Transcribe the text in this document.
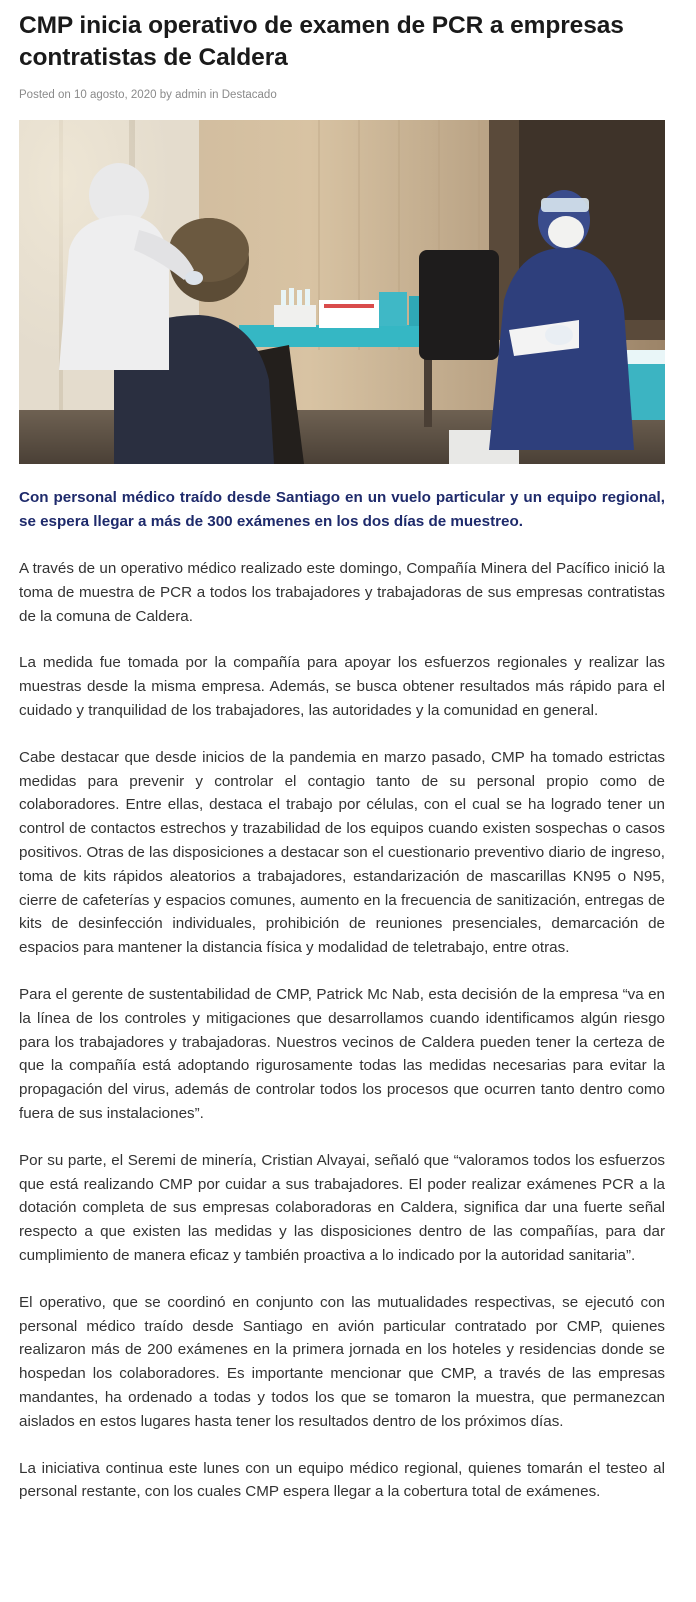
CMP inicia operativo de examen de PCR a empresas contratistas de Caldera
Posted on 10 agosto, 2020 by admin in Destacado

Con personal médico traído desde Santiago en un vuelo particular y un equipo regional, se espera llegar a más de 300 exámenes en los dos días de muestreo.

A través de un operativo médico realizado este domingo, Compañía Minera del Pacífico inició la toma de muestra de PCR a todos los trabajadores y trabajadoras de sus empresas contratistas de la comuna de Caldera.

La medida fue tomada por la compañía para apoyar los esfuerzos regionales y realizar las muestras desde la misma empresa. Además, se busca obtener resultados más rápido para el cuidado y tranquilidad de los trabajadores, las autoridades y la comunidad en general.

Cabe destacar que desde inicios de la pandemia en marzo pasado, CMP ha tomado estrictas medidas para prevenir y controlar el contagio tanto de su personal propio como de colaboradores. Entre ellas, destaca el trabajo por células, con el cual se ha logrado tener un control de contactos estrechos y trazabilidad de los equipos cuando existen sospechas o casos positivos. Otras de las disposiciones a destacar son el cuestionario preventivo diario de ingreso, toma de kits rápidos aleatorios a trabajadores, estandarización de mascarillas KN95 o N95, cierre de cafeterías y espacios comunes, aumento en la frecuencia de sanitización, entregas de kits de desinfección individuales, prohibición de reuniones presenciales, demarcación de espacios para mantener la distancia física y modalidad de teletrabajo, entre otras.

Para el gerente de sustentabilidad de CMP, Patrick Mc Nab, esta decisión de la empresa “va en la línea de los controles y mitigaciones que desarrollamos cuando identificamos algún riesgo para los trabajadores y trabajadoras. Nuestros vecinos de Caldera pueden tener la certeza de que la compañía está adoptando rigurosamente todas las medidas necesarias para evitar la propagación del virus, además de controlar todos los procesos que ocurren tanto dentro como fuera de sus instalaciones”.

Por su parte, el Seremi de minería, Cristian Alvayai, señaló que “valoramos todos los esfuerzos que está realizando CMP por cuidar a sus trabajadores. El poder realizar exámenes PCR a la dotación completa de sus empresas colaboradoras en Caldera, significa dar una fuerte señal respecto a que existen las medidas y las disposiciones dentro de las compañías, para dar cumplimiento de manera eficaz y también proactiva a lo indicado por la autoridad sanitaria”.

El operativo, que se coordinó en conjunto con las mutualidades respectivas, se ejecutó con personal médico traído desde Santiago en avión particular contratado por CMP, quienes realizaron más de 200 exámenes en la primera jornada en los hoteles y residencias donde se hospedan los colaboradores. Es importante mencionar que CMP, a través de las empresas mandantes, ha ordenado a todas y todos los que se tomaron la muestra, que permanezcan aislados en estos lugares hasta tener los resultados dentro de los próximos días.

La iniciativa continua este lunes con un equipo médico regional, quienes tomarán el testeo al personal restante, con los cuales CMP espera llegar a la cobertura total de exámenes.
